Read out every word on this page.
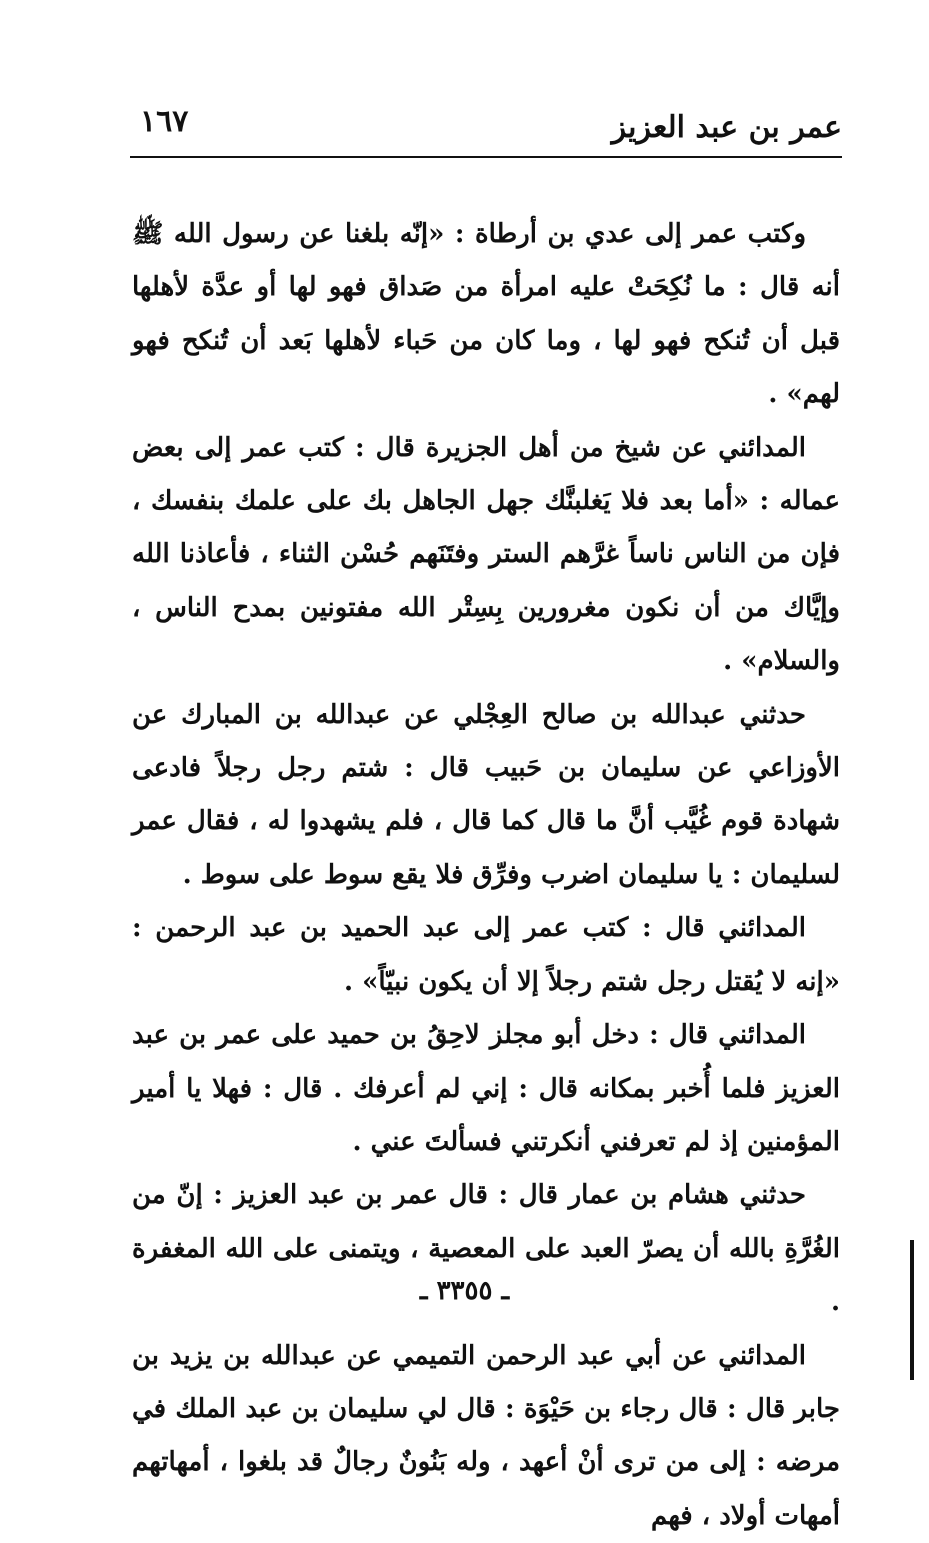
عمر بن عبد العزيز
١٦٧

وكتب عمر إلى عدي بن أرطاة : «إنّه بلغنا عن رسول الله ﷺ أنه قال : ما نُكِحَتْ عليه امرأة من صَداق فهو لها أو عدَّة لأهلها قبل أن تُنكح فهو لها ، وما كان من حَباء لأهلها بَعد أن تُنكح فهو لهم» .

المدائني عن شيخ من أهل الجزيرة قال : كتب عمر إلى بعض عماله : «أما بعد فلا يَغلبنَّك جهل الجاهل بك على علمك بنفسك ، فإن من الناس ناساً غرَّهم الستر وفتَنَهم حُسْن الثناء ، فأعاذنا الله وإيَّاك من أن نكون مغرورين بِسِتْر الله مفتونين بمدح الناس ، والسلام» .

حدثني عبدالله بن صالح العِجْلي عن عبدالله بن المبارك عن الأوزاعي عن سليمان بن حَبيب قال : شتم رجل رجلاً فادعى شهادة قوم غُيَّب أنَّ ما قال كما قال ، فلم يشهدوا له ، فقال عمر لسليمان : يا سليمان اضرب وفرِّق فلا يقع سوط على سوط .

المدائني قال : كتب عمر إلى عبد الحميد بن عبد الرحمن : «إنه لا يُقتل رجل شتم رجلاً إلا أن يكون نبيّاً» .

المدائني قال : دخل أبو مجلز لاحِقُ بن حميد على عمر بن عبد العزيز فلما أُخبر بمكانه قال : إني لم أعرفك . قال : فهلا يا أمير المؤمنين إذ لم تعرفني أنكرتني فسألتَ عني .

حدثني هشام بن عمار قال : قال عمر بن عبد العزيز : إنّ من الغُرَّةِ بالله أن يصرّ العبد على المعصية ، ويتمنى على الله المغفرة .

المدائني عن أبي عبد الرحمن التميمي عن عبدالله بن يزيد بن جابر قال : قال رجاء بن حَيْوَة : قال لي سليمان بن عبد الملك في مرضه : إلى من ترى أنْ أعهد ، وله بَنُونٌ رجالٌ قد بلغوا ، أمهاتهم أمهات أولاد ، فهم

ـ ٣٣٥٥ ـ
